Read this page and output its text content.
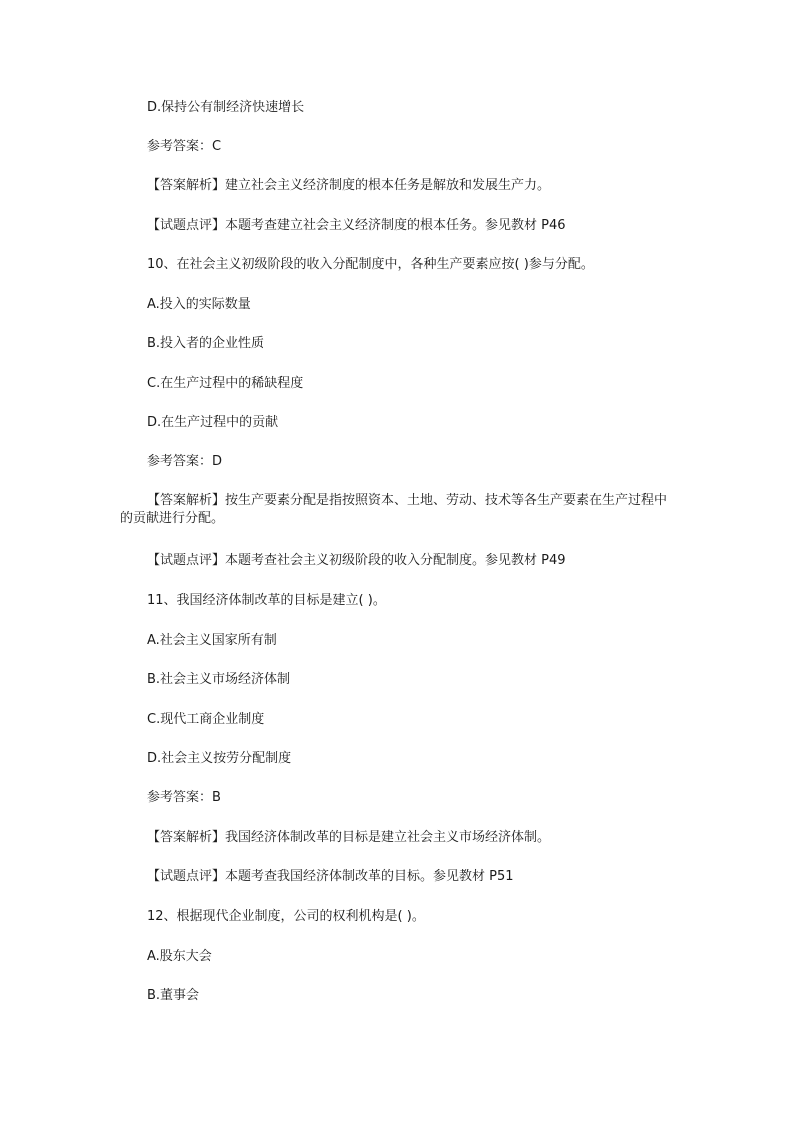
D.保持公有制经济快速增长
参考答案：C
【答案解析】建立社会主义经济制度的根本任务是解放和发展生产力。
【试题点评】本题考查建立社会主义经济制度的根本任务。参见教材 P46
10、在社会主义初级阶段的收入分配制度中，各种生产要素应按( )参与分配。
A.投入的实际数量
B.投入者的企业性质
C.在生产过程中的稀缺程度
D.在生产过程中的贡献
参考答案：D
【答案解析】按生产要素分配是指按照资本、土地、劳动、技术等各生产要素在生产过程中的贡献进行分配。
【试题点评】本题考查社会主义初级阶段的收入分配制度。参见教材 P49
11、我国经济体制改革的目标是建立( )。
A.社会主义国家所有制
B.社会主义市场经济体制
C.现代工商企业制度
D.社会主义按劳分配制度
参考答案：B
【答案解析】我国经济体制改革的目标是建立社会主义市场经济体制。
【试题点评】本题考查我国经济体制改革的目标。参见教材 P51
12、根据现代企业制度，公司的权利机构是( )。
A.股东大会
B.董事会
